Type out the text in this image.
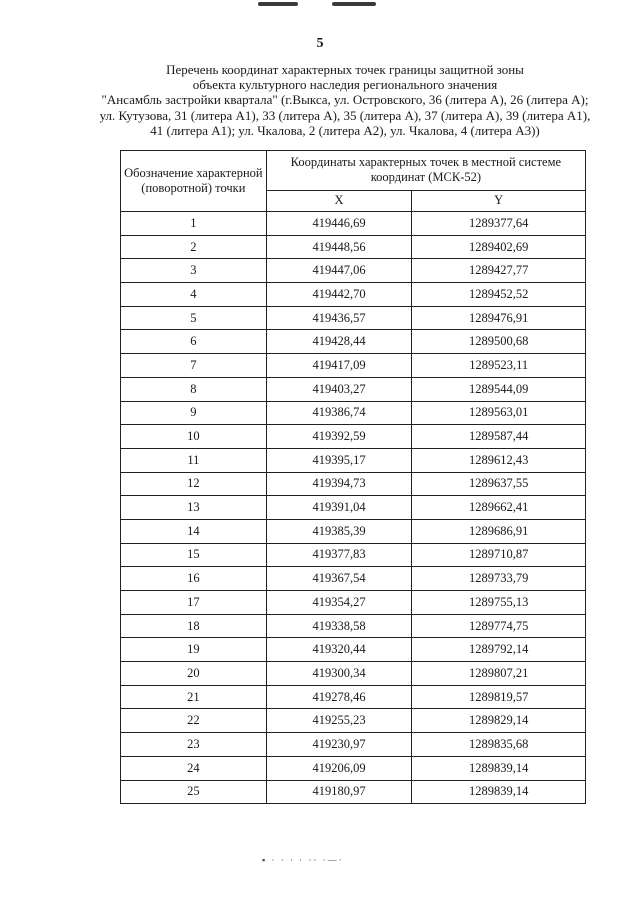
5
Перечень координат характерных точек границы защитной зоны
объекта культурного наследия регионального значения
"Ансамбль застройки квартала" (г.Выкса, ул. Островского, 36 (литера А), 26 (литера А);
ул. Кутузова, 31 (литера А1), 33 (литера А), 35 (литера А), 37 (литера А), 39 (литера А1),
41 (литера А1); ул. Чкалова, 2 (литера А2), ул. Чкалова, 4 (литера А3))
Обозначение характерной (поворотной) точки	Координаты характерных точек в местной системе координат (МСК-52)	
	X	Y
1	419446,69	1289377,64
2	419448,56	1289402,69
3	419447,06	1289427,77
4	419442,70	1289452,52
5	419436,57	1289476,91
6	419428,44	1289500,68
7	419417,09	1289523,11
8	419403,27	1289544,09
9	419386,74	1289563,01
10	419392,59	1289587,44
11	419395,17	1289612,43
12	419394,73	1289637,55
13	419391,04	1289662,41
14	419385,39	1289686,91
15	419377,83	1289710,87
16	419367,54	1289733,79
17	419354,27	1289755,13
18	419338,58	1289774,75
19	419320,44	1289792,14
20	419300,34	1289807,21
21	419278,46	1289819,57
22	419255,23	1289829,14
23	419230,97	1289835,68
24	419206,09	1289839,14
25	419180,97	1289839,14
▪ · · · · ·· ·—·
